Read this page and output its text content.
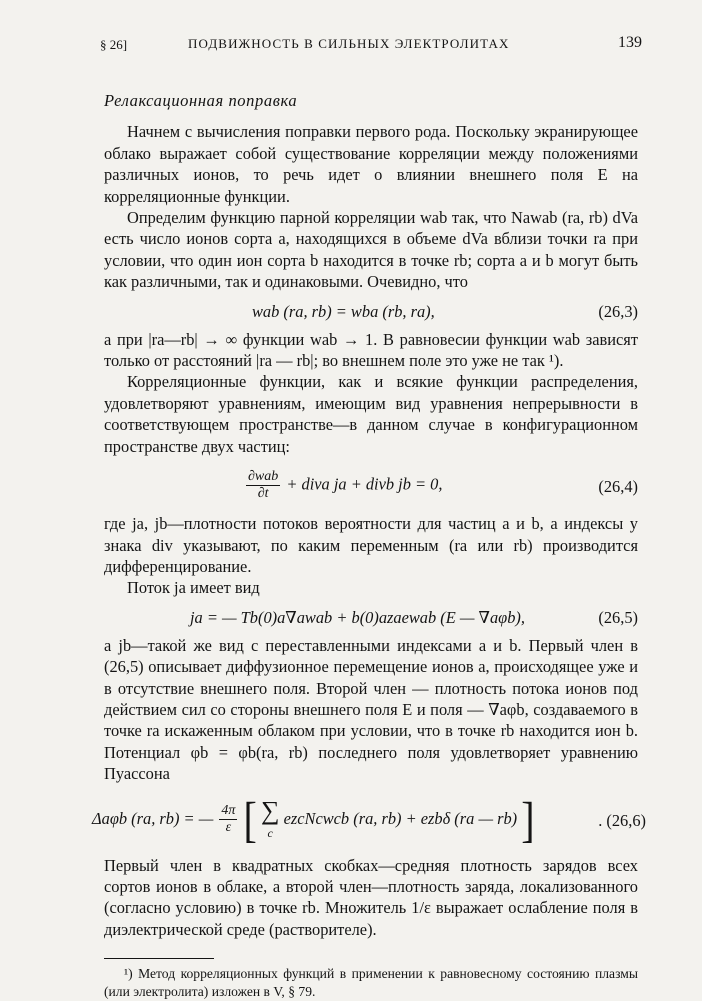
§ 26]	ПОДВИЖНОСТЬ В СИЛЬНЫХ ЭЛЕКТРОЛИТАХ	139
Релаксационная поправка

Начнем с вычисления поправки первого рода. Поскольку экранирующее облако выражает собой существование корреляции между положениями различных ионов, то речь идет о влиянии внешнего поля E на корреляционные функции.

Определим функцию парной корреляции wab так, что Nawab (ra, rb) dVa есть число ионов сорта a, находящихся в объеме dVa вблизи точки ra при условии, что один ион сорта b находится в точке rb; сорта a и b могут быть как различными, так и одинаковыми. Очевидно, что

wab (ra, rb) = wba (rb, ra),	(26,3)

а при |ra—rb| → ∞ функции wab → 1. В равновесии функции wab зависят только от расстояний |ra — rb|; во внешнем поле это уже не так ¹).

Корреляционные функции, как и всякие функции распределения, удовлетворяют уравнениям, имеющим вид уравнения непрерывности в соответствующем пространстве—в данном случае в конфигурационном пространстве двух частиц:

$\frac{\text{∂wab}}{\partial t}$ + diva ja + divb jb = 0,	(26,4)

где ja, jb—плотности потоков вероятности для частиц a и b, а индексы у знака div указывают, по каким переменным (ra или rb) производится дифференцирование.

Поток ja имеет вид

ja = — Tb(0)a∇awab + b(0)azaewab (E — ∇aφb),	(26,5)

а jb—такой же вид с переставленными индексами a и b. Первый член в (26,5) описывает диффузионное перемещение ионов a, происходящее уже и в отсутствие внешнего поля. Второй член — плотность потока ионов под действием сил со стороны внешнего поля E и поля — ∇aφb, создаваемого в точке ra искаженным облаком при условии, что в точке rb находится ион b. Потенциал φb = φb(ra, rb) последнего поля удовлетворяет уравнению Пуассона

Δaφb (ra, rb) = — $\frac{4\pi}{\varepsilon}$ [ ∑
c
ezcNcwcb (ra, rb) + ezbδ (ra — rb) ]	. (26,6)

Первый член в квадратных скобках—средняя плотность зарядов всех сортов ионов в облаке, а второй член—плотность заряда, локализованного (согласно условию) в точке rb. Множитель 1/ε выражает ослабление поля в диэлектрической среде (растворителе).

¹) Метод корреляционных функций в применении к равновесному состоянию плазмы (или электролита) изложен в V, § 79.
